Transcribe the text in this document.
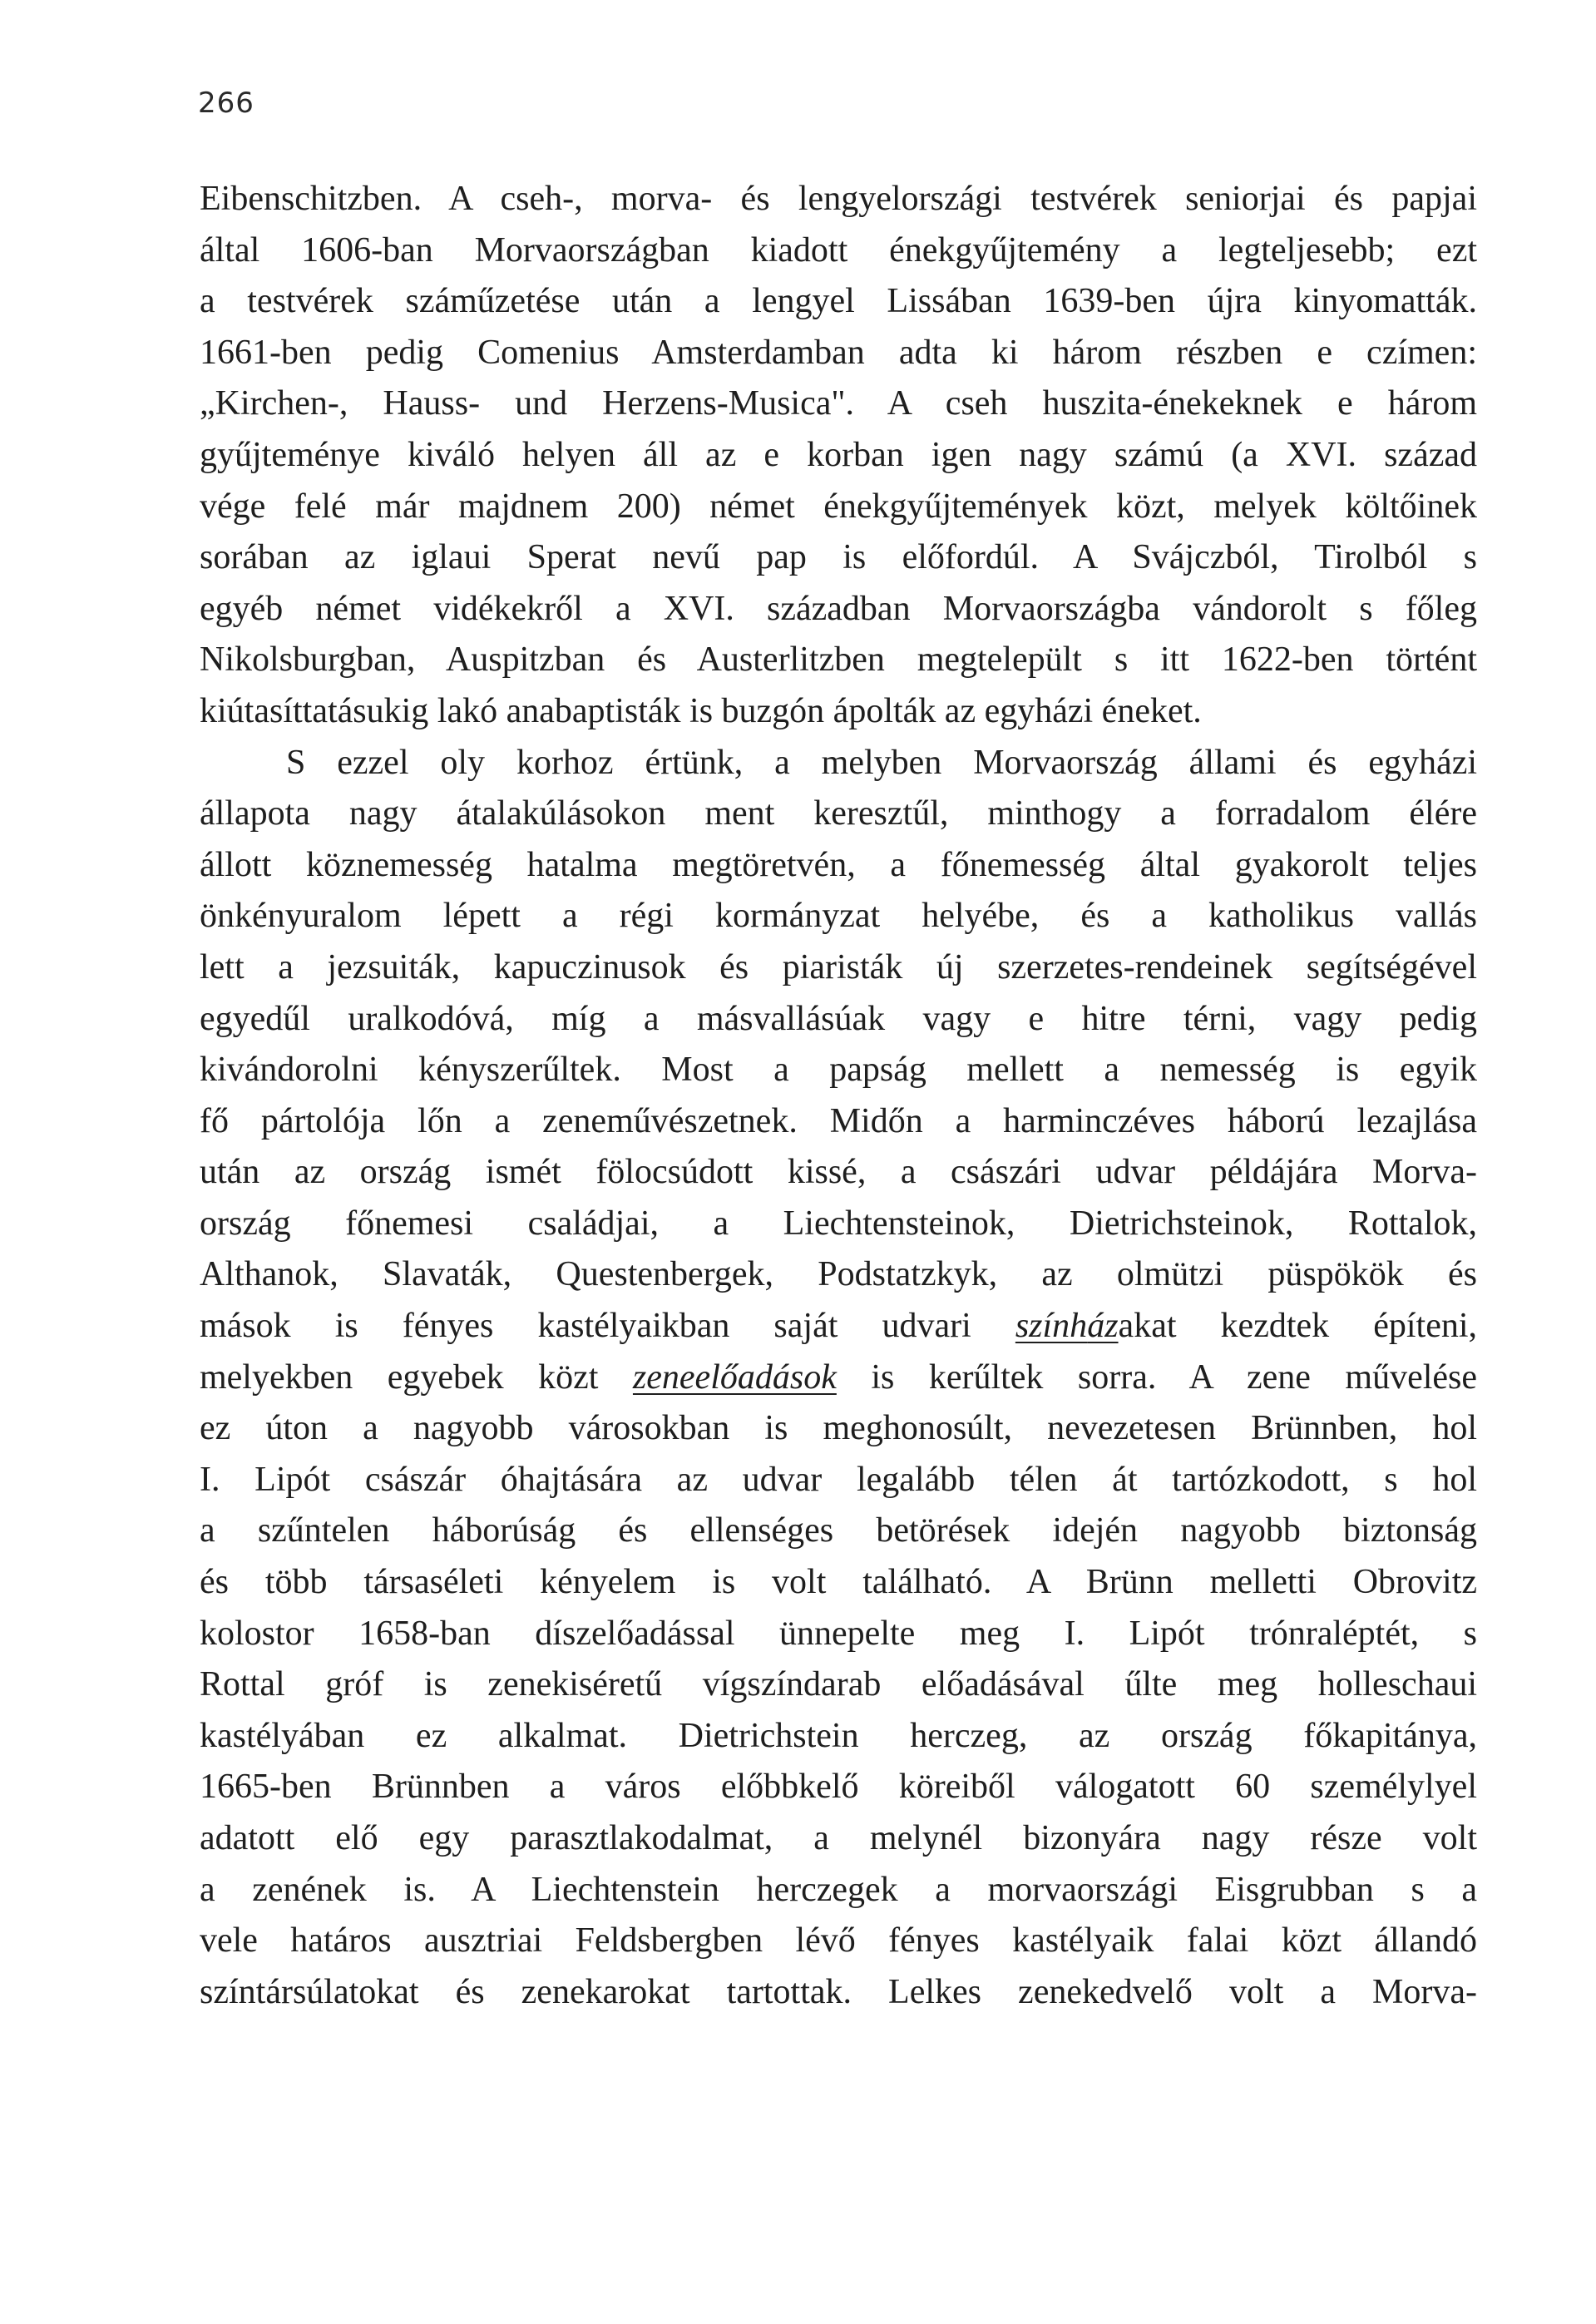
266
Eibenschitzben. A cseh-, morva- és lengyelországi testvérek seniorjai és papjai
által 1606-ban Morvaországban kiadott énekgyűjtemény a legteljesebb; ezt
a testvérek száműzetése után a lengyel Lissában 1639-ben újra kinyomatták.
1661-ben pedig Comenius Amsterdamban adta ki három részben e czímen:
„Kirchen-, Hauss- und Herzens-Musica". A cseh huszita-énekeknek e három
gyűjteménye kiváló helyen áll az e korban igen nagy számú (a XVI. század
vége felé már majdnem 200) német énekgyűjtemények közt, melyek költőinek
sorában az iglaui Sperat nevű pap is előfordúl. A Svájczból, Tirolból s
egyéb német vidékekről a XVI. században Morvaországba vándorolt s főleg
Nikolsburgban, Auspitzban és Austerlitzben megtelepült s itt 1622-ben történt
kiútasíttatásukig lakó anabaptisták is buzgón ápolták az egyházi éneket.
S ezzel oly korhoz értünk, a melyben Morvaország állami és egyházi
állapota nagy átalakúlásokon ment keresztűl, minthogy a forradalom élére
állott köznemesség hatalma megtöretvén, a főnemesség által gyakorolt teljes
önkényuralom lépett a régi kormányzat helyébe, és a katholikus vallás
lett a jezsuiták, kapuczinusok és piaristák új szerzetes-rendeinek segítségével
egyedűl uralkodóvá, míg a másvallásúak vagy e hitre térni, vagy pedig
kivándorolni kényszerűltek. Most a papság mellett a nemesség is egyik
fő pártolója lőn a zeneművészetnek. Midőn a harminczéves háború lezajlása
után az ország ismét fölocsúdott kissé, a császári udvar példájára Morva-
ország főnemesi családjai, a Liechtensteinok, Dietrichsteinok, Rottalok,
Althanok, Slavaták, Questenbergek, Podstatzkyk, az olmützi püspökök és
mások is fényes kastélyaikban saját udvari színházakat kezdtek építeni,
melyekben egyebek közt zeneelőadások is kerűltek sorra. A zene művelése
ez úton a nagyobb városokban is meghonosúlt, nevezetesen Brünnben, hol
I. Lipót császár óhajtására az udvar legalább télen át tartózkodott, s hol
a szűntelen háborúság és ellenséges betörések idején nagyobb biztonság
és több társaséleti kényelem is volt található. A Brünn melletti Obrovitz
kolostor 1658-ban díszelőadással ünnepelte meg I. Lipót trónraléptét, s
Rottal gróf is zenekiséretű vígszíndarab előadásával űlte meg holleschaui
kastélyában ez alkalmat. Dietrichstein herczeg, az ország főkapitánya,
1665-ben Brünnben a város előbbkelő köreiből válogatott 60 személylyel
adatott elő egy parasztlakodalmat, a melynél bizonyára nagy része volt
a zenének is. A Liechtenstein herczegek a morvaországi Eisgrubban s a
vele határos ausztriai Feldsbergben lévő fényes kastélyaik falai közt állandó
színtársúlatokat és zenekarokat tartottak. Lelkes zenekedvelő volt a Morva-
